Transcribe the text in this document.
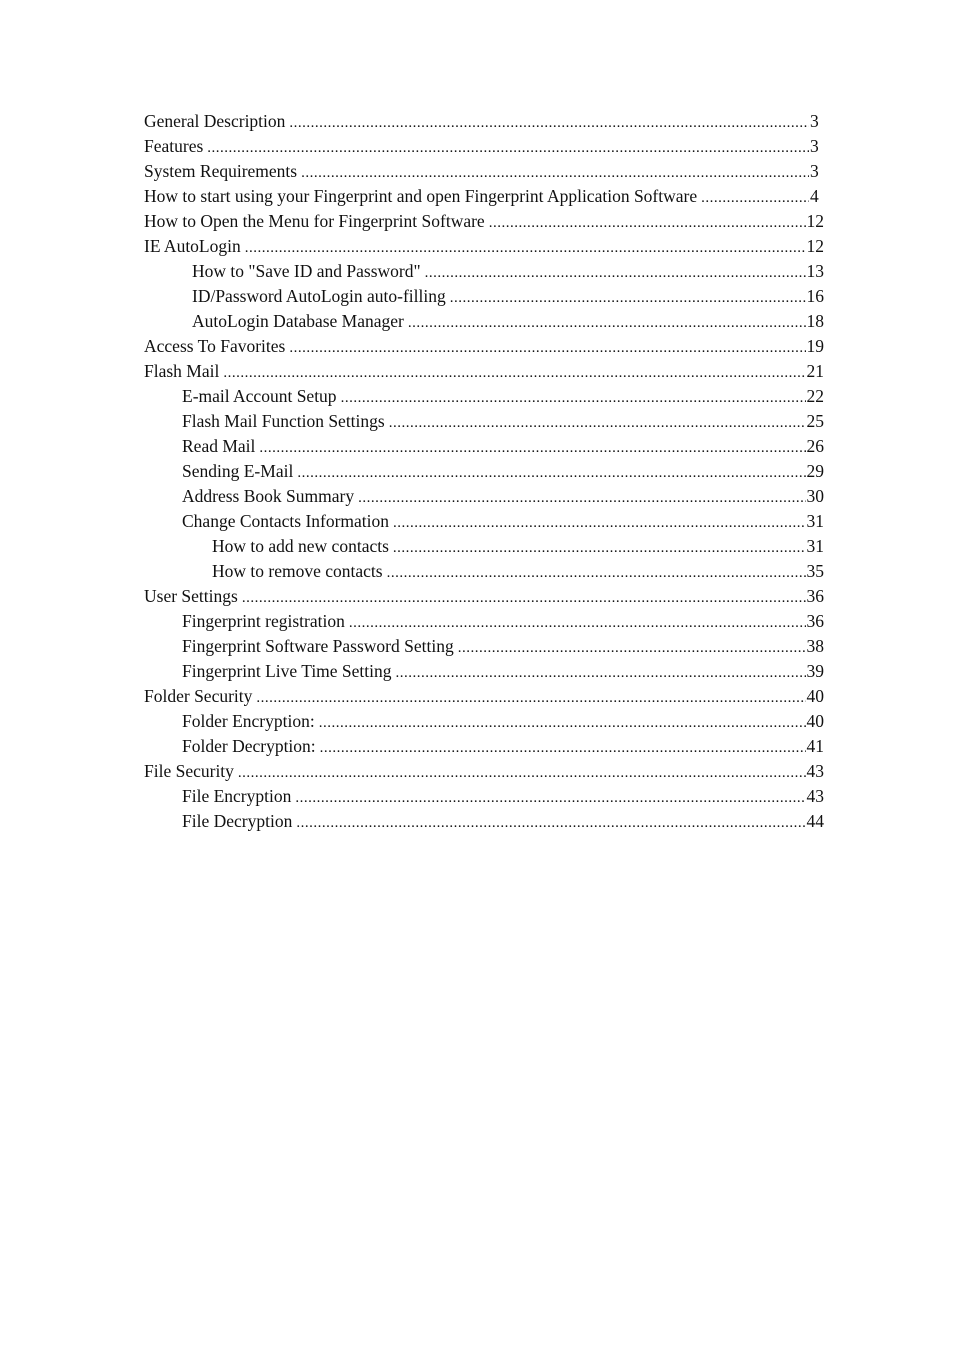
General Description .....	3
Features .....	3
System Requirements .....	3
How to start using your Fingerprint and open Fingerprint Application Software .....	4
How to Open the Menu for Fingerprint Software .....	12
IE AutoLogin .....	12
How to "Save ID and Password" .....	13
ID/Password AutoLogin auto-filling .....	16
AutoLogin Database Manager .....	18
Access To Favorites .....	19
Flash Mail .....	21
E-mail Account Setup .....	22
Flash Mail Function Settings .....	25
Read Mail .....	26
Sending E-Mail .....	29
Address Book Summary .....	30
Change Contacts Information .....	31
How to add new contacts .....	31
How to remove contacts .....	35
User Settings .....	36
Fingerprint registration .....	36
Fingerprint Software Password Setting .....	38
Fingerprint Live Time Setting .....	39
Folder Security .....	40
Folder Encryption: .....	40
Folder Decryption: .....	41
File Security .....	43
File Encryption .....	43
File Decryption .....	44
